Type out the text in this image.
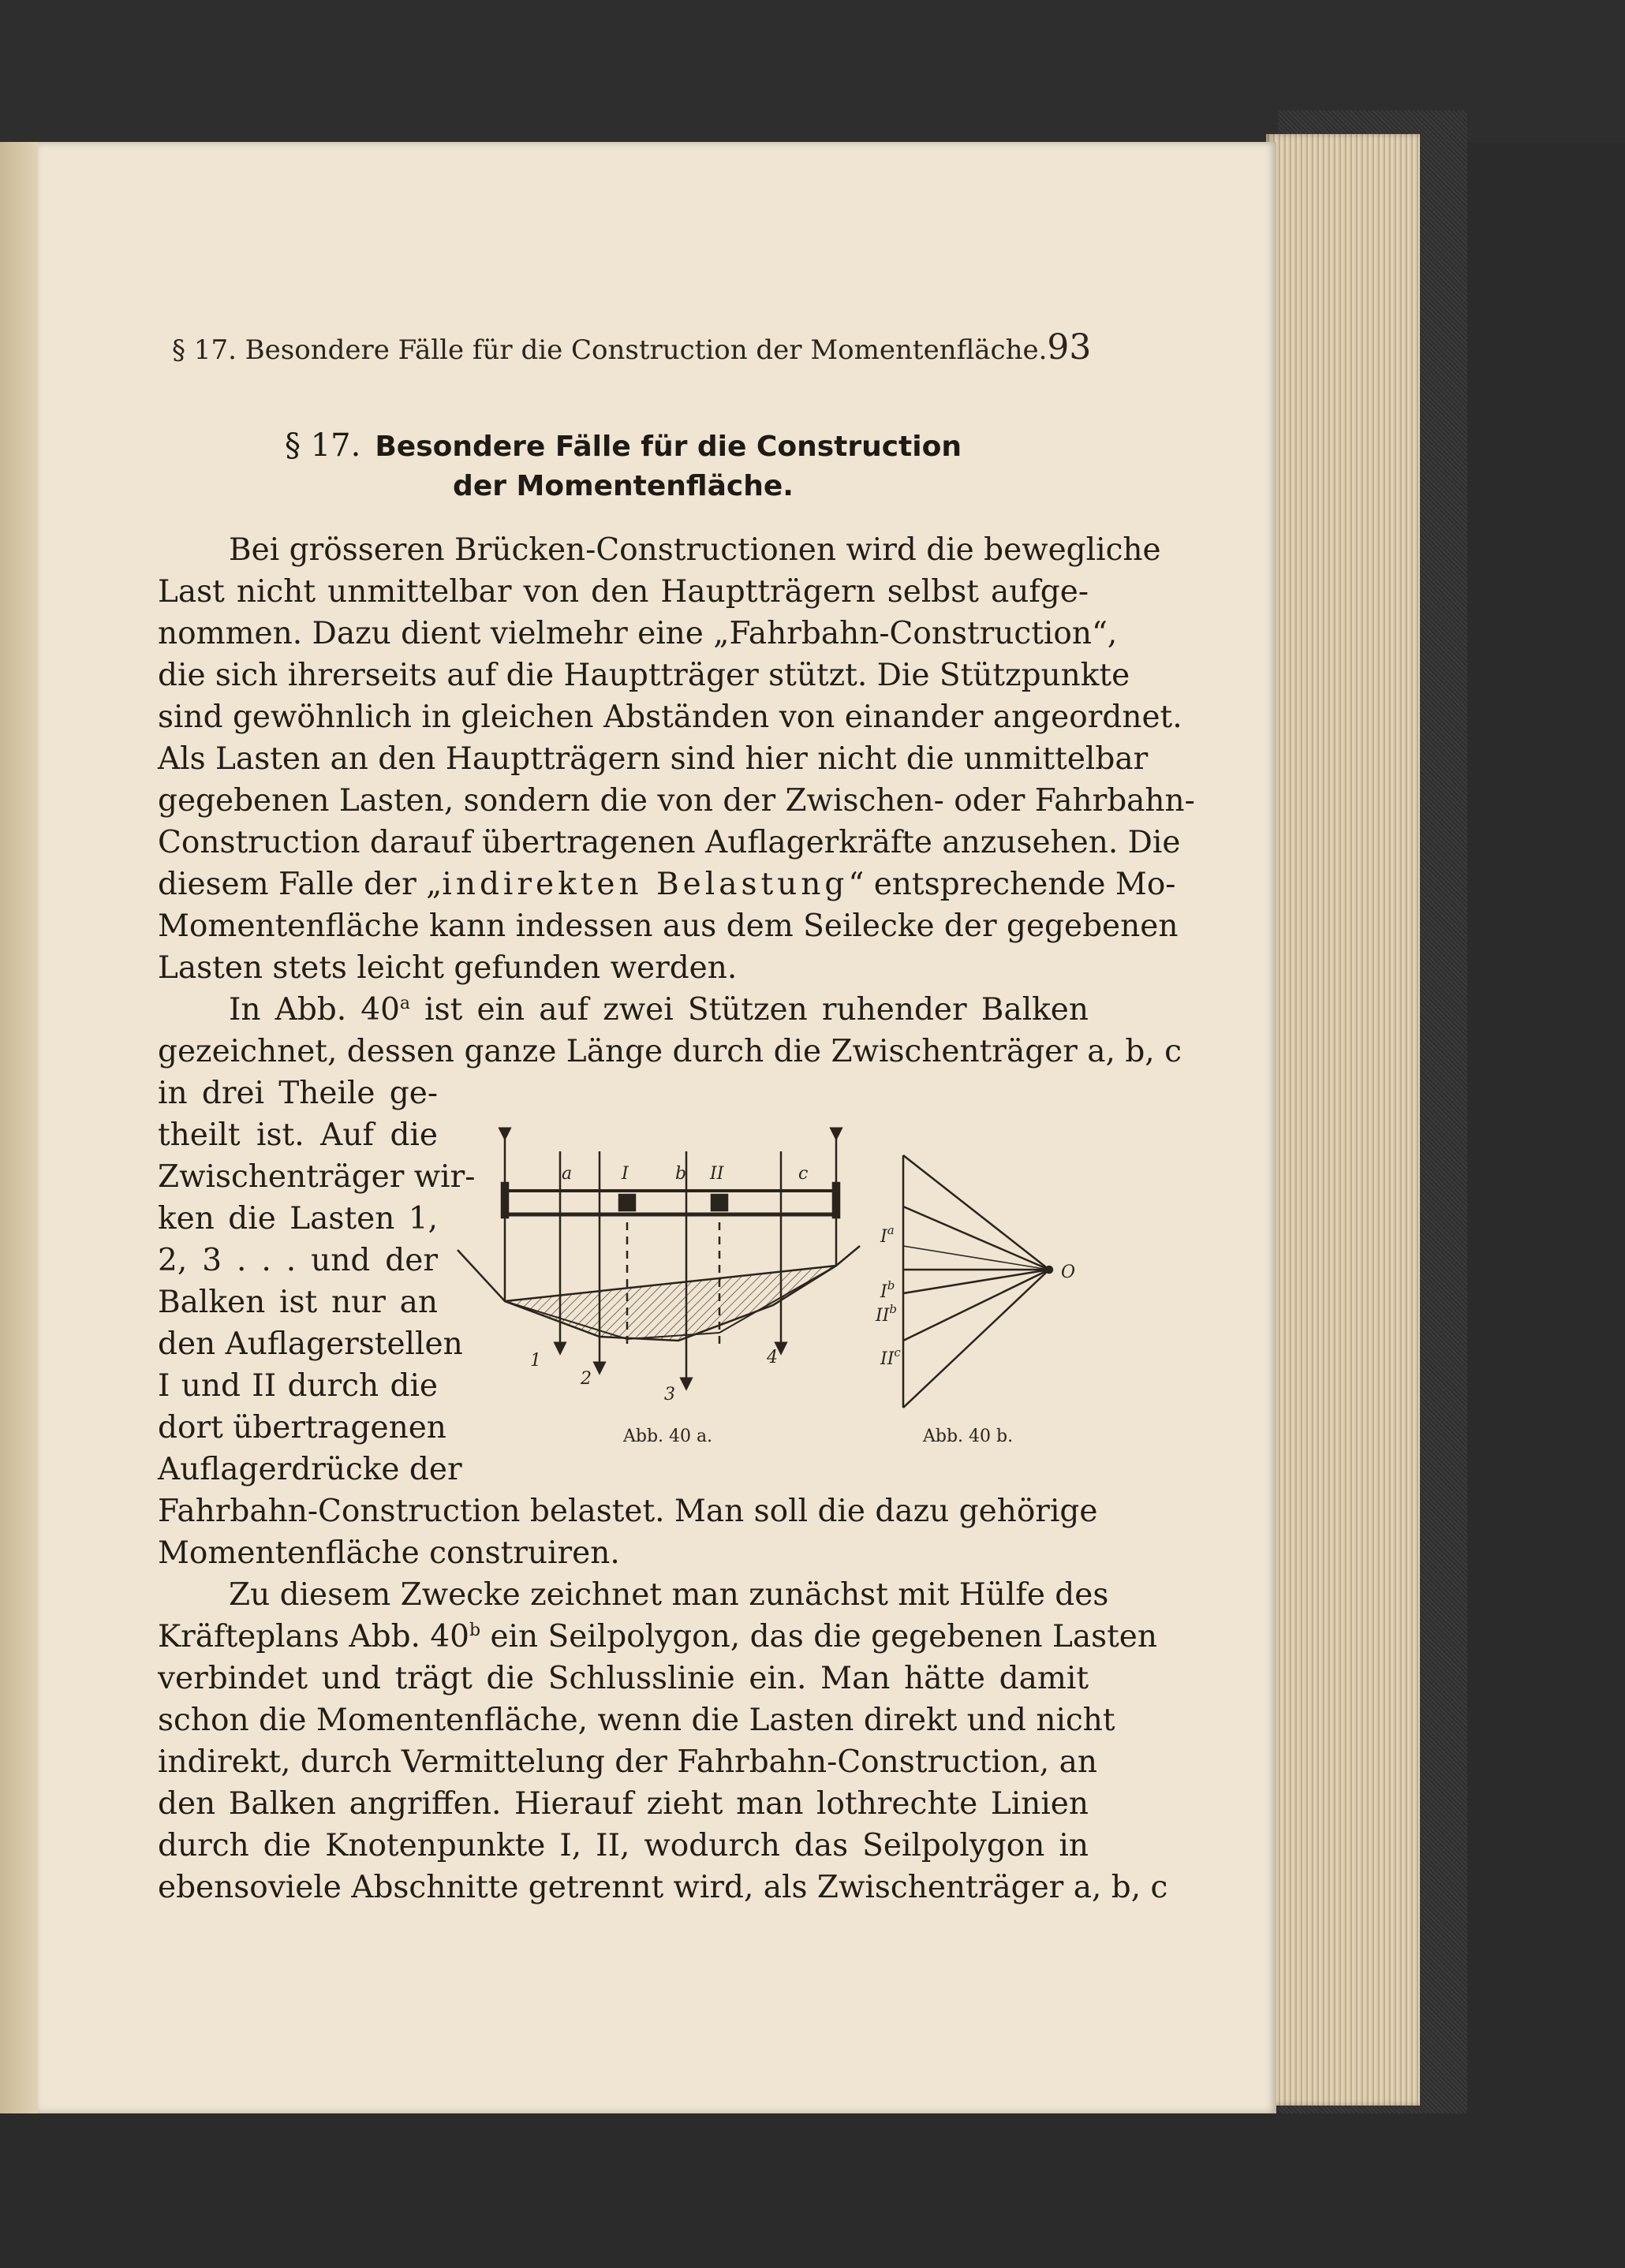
§ 17. Besondere Fälle für die Construction der Momentenfläche. 93
§ 17. Besondere Fälle für die Construction
der Momentenfläche.
Bei grösseren Brücken-Constructionen wird die bewegliche
Last nicht unmittelbar von den Hauptträgern selbst aufge-
nommen. Dazu dient vielmehr eine „Fahrbahn-Construction“,
die sich ihrerseits auf die Hauptträger stützt. Die Stützpunkte
sind gewöhnlich in gleichen Abständen von einander angeordnet.
Als Lasten an den Hauptträgern sind hier nicht die unmittelbar
gegebenen Lasten, sondern die von der Zwischen- oder Fahrbahn-
Construction darauf übertragenen Auflagerkräfte anzusehen. Die
diesem Falle der „indirekten Belastung“ entsprechende Mo-
Momentenfläche kann indessen aus dem Seilecke der gegebenen
Lasten stets leicht gefunden werden.
In Abb. 40$^a$ ist ein auf zwei Stützen ruhender Balken
gezeichnet, dessen ganze Länge durch die Zwischenträger a, b, c
in drei Theile ge-
theilt ist. Auf die
Zwischenträger wir-
ken die Lasten 1,
2, 3 . . . und der
Balken ist nur an
den Auflagerstellen
I und II durch die
dort übertragenen
Auflagerdrücke der
Fahrbahn-Construction belastet. Man soll die dazu gehörige
Momentenfläche construiren.
Zu diesem Zwecke zeichnet man zunächst mit Hülfe des
Kräfteplans Abb. 40$^b$ ein Seilpolygon, das die gegebenen Lasten
verbindet und trägt die Schlusslinie ein. Man hätte damit
schon die Momentenfläche, wenn die Lasten direkt und nicht
indirekt, durch Vermittelung der Fahrbahn-Construction, an
den Balken angriffen. Hierauf zieht man lothrechte Linien
durch die Knotenpunkte I, II, wodurch das Seilpolygon in
ebensoviele Abschnitte getrennt wird, als Zwischenträger a, b, c
a	I	b II	c
1
2
3
4
Abb. 40 a.
$I^a$
$I^b$
$II^b$
$II^c$
O
Abb. 40 b.
